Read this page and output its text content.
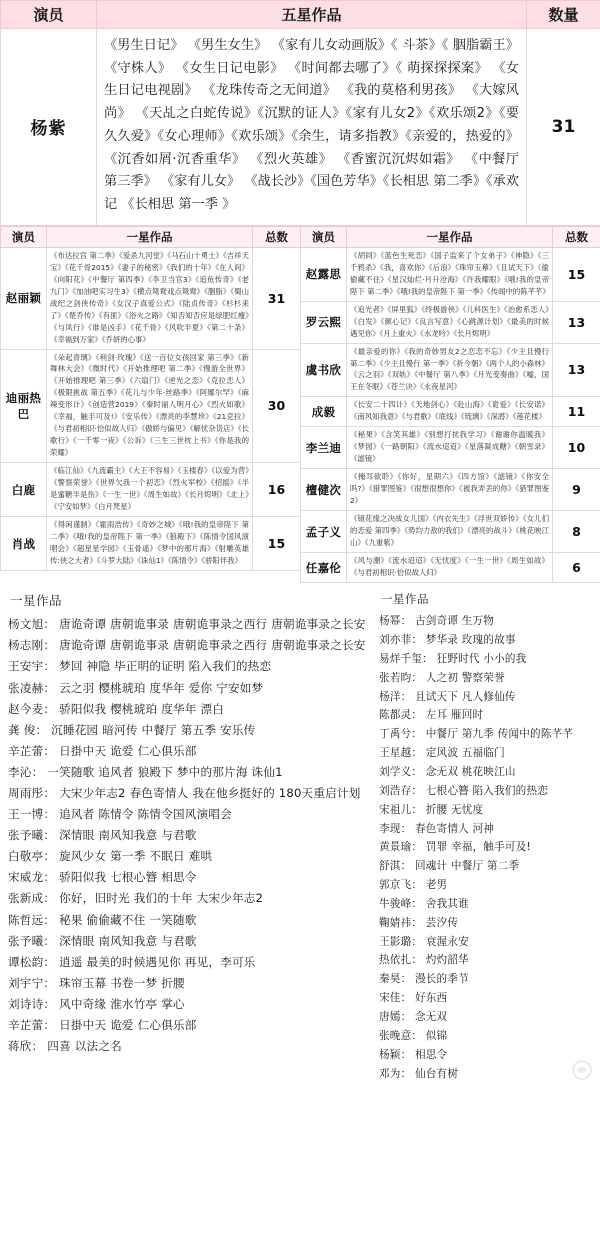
演员	五星作品	数量
杨紫	《男生日记》 《男生女生》 《家有儿女动画版》《 斗茶》《 胭脂霸王》 《守株人》 《女生日记电影》 《时间都去哪了》《 萌探探探案》 《女生日记电视剧》 《龙珠传奇之无间道》 《我的莫格利男孩》 《大嫁风尚》 《天乩之白蛇传说》《沉默的证人》《家有儿女2》《欢乐颂2》《要久久爱》《女心理师》《欢乐颂》《余生，请多指教》《亲爱的，热爱的》《沉香如屑·沉香重华》 《烈火英雄》 《香蜜沉沉烬如霜》 《中餐厅 第三季》 《家有儿女》 《战长沙》《国色芳华》《长相思 第二季》《承欢记 《长相思 第一季 》	31
演员	一星作品	总数
赵丽颖	《布达拉宫 第二季》《爱杀九河堂》《马石山十勇士》《吉祥天宝》《花千骨2015》《妻子的秘密》《我们的十年》《在人间》《向阳花》《中餐厅 第四季》《李卫当官3》《追鱼传奇》《老九门》《加油吧实习生3》《横点鸳鸯戏点鸳鸯》《胭脂》《蜀山战纪之剑侠传奇》《女汉子真爱公式》《陆贞传奇》《杉杉来了》《楚乔传》《有匪》《浴火之路》《知否知否应是绿肥红瘦》《与凤行》《谁是凶手》《花千骨》《风吹半夏》《第二十条》《幸福到万家》《乔妍的心事》	31
迪丽热巴	《朵起青璃》《利剑·玫瑰》《送一百位女孩回家 第三季》《新舞林大会》《微时代》《开始推理吧 第二季》《慢游全世界》《开始推理吧 第三季》《六扇门》《逆光之恋》《克拉恋人》《极限挑战 第五季》《花儿与少年·丝路季》《阿娜尔罕》《麻辣变形计》《创造营2019》《秦时丽人明月心》《烈火如歌》《幸福，触手可及!》《安乐传》《漂亮的李慧珍》《21克拉》《与君初相识·恰似故人归》《傲娇与偏见》《解忧杂货店》《长歌行》《一千零一夜》《公诉》《三生三世枕上书》《你是我的荣耀》	30
白鹿	《临江仙》《九流霸主》《大王不容易》《玉楼春》《以爱为营》《警察荣誉》《世界欠我一个初恋》《烈火军校》《招摇》《半是蜜糖半是伤》《一生一世》《周生如故》《长月烬明》《北上》《宁安如梦》《白月梵星》	16
肖战	《得闲谨制》《霍雨浩传》《奇妙之城》《哦!我的皇帝陛下 第二季》《哦!我的皇帝陛下 第一季》《狼殿下》《陈情令国风演唱会》《超星星学园》《玉骨遥》《梦中的那片海》《射雕英雄传:侠之大者》《斗罗大陆》《诛仙1》《陈情令》《骄阳伴我》	15
演员	一星作品	总数
赵露思	《胡同》《蓝色生死恋》《国子监来了个女弟子》《神隐》《三千鸦杀》《我，喜欢你》《后浪》《珠帘玉幕》《且试天下》《偷偷藏不住》《星汉灿烂·月升沧海》《许我耀眼》《哦!我的皇帝陛下 第二季》《哦!我的皇帝陛下 第一季》《传闻中的陈芊芊》	15
罗云熙	《追光者》《屏里狐》《终极游侠》《儿科医生》《治愈系恋人》《白发》《颜心记》《良言写意》《心跳源计划》《最美的时候遇见你》《月上重火》《水龙吟》《长月烬明》	13
虞书欣	《最亲爱的你》《我的奇妙男友2之恋恋不忘》《少主且慢行 第二季》《少主且慢行 第一季》《祈今朝》《两个人的小森林》《云之羽》《双轨》《中餐厅 第八季》《月光变奏曲》《嘘，国王在冬眠》《苍兰诀》《永夜星河》	13
成毅	《长安二十四计》《天地剑心》《赴山海》《诡爱》《长安诺》《南风知我意》《与君歌》《底线》《琉璃》《深潜》《莲花楼》	11
李兰迪	《秘果》《含笑其雄》《别想打扰我学习》《谢谢你温暖我》《梦园》《一路朝阳》《流水迢迢》《星落凝成糖》《朝雪录》《滤镜》	10
檀健次	《掩耳欲聆》《你好，星期六》《四方馆》《滤镜》《你安全吗?》《猎罪图鉴》《很想很想你》《被我弄丢的你》《猎罪图鉴2》	9
孟子义	《镜花缘之决战女儿国》《内衣先生》《浮世双娇传》《女儿们的恋爱 第四季》《势均力敌的我们》《漂亮的战斗》《桃花映江山》《九重紫》	8
任嘉伦	《风与潮》《流水迢迢》《无忧度》《一生一世》《周生如故》《与君初相识·恰似故人归》	6
一星作品
杨文旭： 唐诡奇谭 唐朝诡事录 唐朝诡事录之西行 唐朝诡事录之长安
杨志刚： 唐诡奇谭 唐朝诡事录 唐朝诡事录之西行 唐朝诡事录之长安
王安宇： 梦回 神隐 毕正明的证明 陷入我们的热恋
张凌赫： 云之羽 樱桃琥珀 度华年 爱你 宁安如梦
赵今麦： 骄阳似我 樱桃琥珀 度华年 漂白
龚 俊： 沉睡花园 暗河传 中餐厅 第五季 安乐传
辛芷蕾： 日掛中天 诡爱 仁心俱乐部
李沁： 一笑随歌 追风者 狼殿下 梦中的那片海 诛仙1
周雨彤： 大宋少年志2 春色寄情人 我在他乡挺好的 180天重启计划
王一博： 追风者 陈情令 陈情令国风演唱会
张予曦： 深情眼 南风知我意 与君歌
白敬亭： 旋风少女 第一季 不眠日 难哄
宋威龙： 骄阳似我 七根心簪 相思令
张新成： 你好，旧时光 我们的十年 大宋少年志2
陈哲远： 秘果 偷偷藏不住 一笑随歌
张予曦： 深情眼 南风知我意 与君歌
谭松韵： 逍遥 最美的时候遇见你 再见，李可乐
刘宇宁： 珠帘玉幕 书卷一梦 折腰
刘诗诗： 风中奇缘 淮水竹亭 掌心
辛芷蕾： 日掛中天 诡爱 仁心俱乐部
蒋欣： 四喜 以法之名
一星作品
杨幂： 古剑奇谭 生万物
刘亦菲： 梦华录 玫瑰的故事
易烊千玺： 狂野时代 小小的我
张若昀： 人之初 警察荣誉
杨洋： 且试天下 凡人修仙传
陈都灵： 左耳 雁回时
丁禹兮： 中餐厅 第九季 传闻中的陈芊芊
王星越： 定风波 五福临门
刘学义： 念无双 桃花映江山
刘浩存： 七根心簪 陷入我们的热恋
宋祖儿： 折腰 无忧度
李现： 春色寄情人 河神
黄景瑜： 罚罪 幸福，触手可及!
舒淇： 回魂计 中餐厅 第二季
郭京飞： 老男
牛骏峰： 舍我其谁
鞠婧祎： 芸汐传
王影璐： 衰渥永安
热依扎： 灼灼韶华
秦昊： 漫长的季节
宋佳： 好东西
唐嫣： 念无双
张晚意： 似锦
杨颖： 相思令
邓为： 仙台有树
